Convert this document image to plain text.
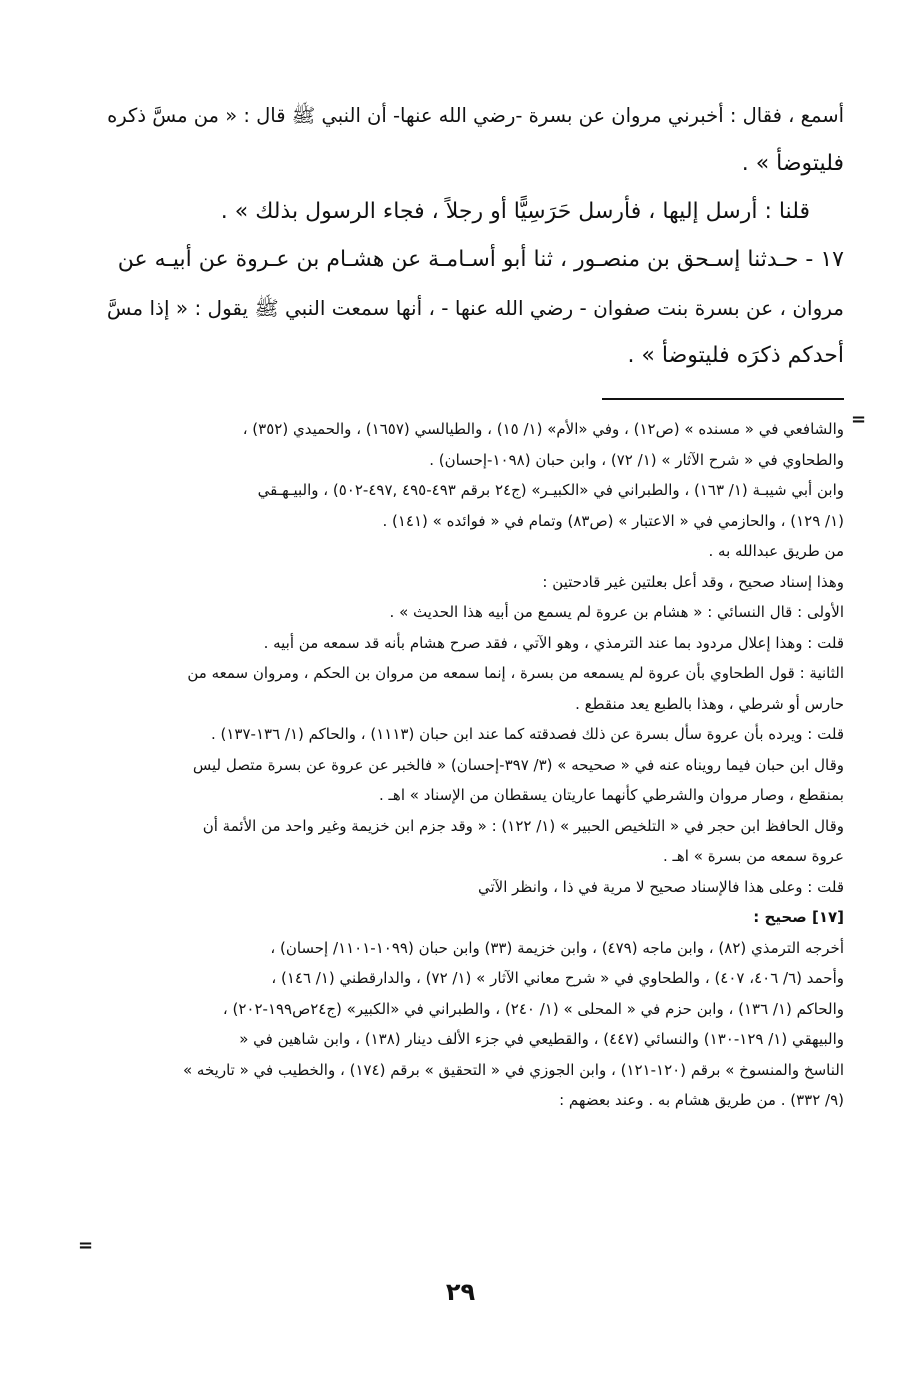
أسمع ، فقال : أخبرني مروان عن بسرة -رضي الله عنها- أن النبي ﷺ قال : « من مسَّ ذكره
فليتوضأ » .
قلنا : أرسل إليها ، فأرسل حَرَسِيًّا أو رجلاً ، فجاء الرسول بذلك » .
١٧ - حـدثنا إسـحق بن منصـور ، ثنا أبو أسـامـة عن هشـام بن عـروة عن أبيـه عن
مروان ، عن بسرة بنت صفوان - رضي الله عنها - ، أنها سمعت النبي ﷺ يقول : « إذا مسَّ
أحدكم ذكرَه فليتوضأ » .
والشافعي في « مسنده » (ص١٢) ، وفي «الأم» (١/ ١٥) ، والطيالسي (١٦٥٧) ، والحميدي (٣٥٢) ،
والطحاوي في « شرح الآثار » (١/ ٧٢) ، وابن حبان (١٠٩٨-إحسان) .
وابن أبي شيبـة (١/ ١٦٣) ، والطبراني في «الكبيـر» (ج٢٤ برقم ٤٩٣-٤٩٥ ,٤٩٧-٥٠٢) ، والبيـهـقي
(١/ ١٢٩) ، والحازمي في « الاعتبار » (ص٨٣) وتمام في « فوائده » (١٤١) .
من طريق عبدالله به .
وهذا إسناد صحيح ، وقد أعل بعلتين غير قادحتين :
الأولى : قال النسائي : « هشام بن عروة لم يسمع من أبيه هذا الحديث » .
قلت : وهذا إعلال مردود بما عند الترمذي ، وهو الآتي ، فقد صرح هشام بأنه قد سمعه من أبيه .
الثانية : قول الطحاوي بأن عروة لم يسمعه من بسرة ، إنما سمعه من مروان بن الحكم ، ومروان سمعه من
حارس أو شرطي ، وهذا بالطبع يعد منقطع .
قلت : ويرده بأن عروة سأل بسرة عن ذلك فصدقته كما عند ابن حبان (١١١٣) ، والحاكم (١/ ١٣٦-١٣٧) .
وقال ابن حبان فيما رويناه عنه في « صحيحه » (٣/ ٣٩٧-إحسان) « فالخبر عن عروة عن بسرة متصل ليس
بمنقطع ، وصار مروان والشرطي كأنهما عاريتان يسقطان من الإسناد » اهـ .
وقال الحافظ ابن حجر في « التلخيص الحبير » (١/ ١٢٢) : « وقد جزم ابن خزيمة وغير واحد من الأئمة أن
عروة سمعه من بسرة » اهـ .
قلت : وعلى هذا فالإسناد صحيح لا مرية في ذا ، وانظر الآتي
[١٧] صحيح :
أخرجه الترمذي (٨٢) ، وابن ماجه (٤٧٩) ، وابن خزيمة (٣٣) وابن حبان (١٠٩٩-١١٠١/ إحسان) ،
وأحمد (٦/ ٤٠٦، ٤٠٧) ، والطحاوي في « شرح معاني الآثار » (١/ ٧٢) ، والدارقطني (١/ ١٤٦) ،
والحاكم (١/ ١٣٦) ، وابن حزم في « المحلى » (١/ ٢٤٠) ، والطبراني في «الكبير» (ج٢٤ص١٩٩-٢٠٢) ،
والبيهقي (١/ ١٢٩-١٣٠) والنسائي (٤٤٧) ، والقطيعي في جزء الألف دينار (١٣٨) ، وابن شاهين في «
الناسخ والمنسوخ » برقم (١٢٠-١٢١) ، وابن الجوزي في « التحقيق » برقم (١٧٤) ، والخطيب في « تاريخه »
(٩/ ٣٣٢) . من طريق هشام به . وعند بعضهم :
=
=
٢٩
